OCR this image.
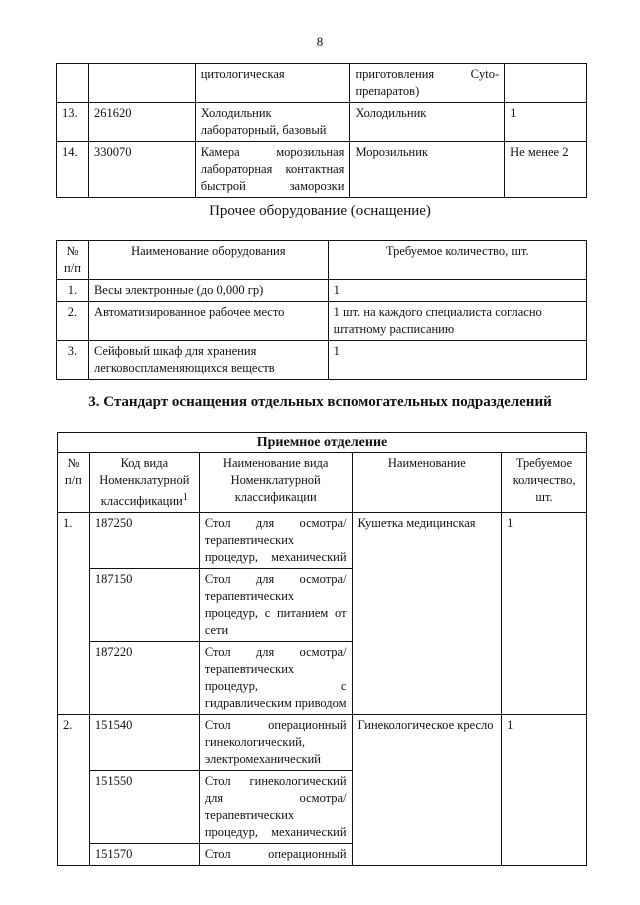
8
		цитологическая	приготовления Cyto-препаратов)	
13.	261620	Холодильник лабораторный, базовый	Холодильник	1
14.	330070	Камера морозильная лабораторная контактная быстрой заморозки	Морозильник	Не менее 2
Прочее оборудование (оснащение)
№ п/п	Наименование оборудования	Требуемое количество, шт.
1.	Весы электронные (до 0,000 гр)	1
2.	Автоматизированное рабочее место	1 шт. на каждого специалиста согласно штатному расписанию
3.	Сейфовый шкаф для хранения легковоспламеняющихся веществ	1
3. Стандарт оснащения отдельных вспомогательных подразделений
Приемное отделение				
№ п/п	Код вида Номенклатурной классификации$^1$	Наименование вида Номенклатурной классификации	Наименование	Требуемое количество, шт.
1.	187250	Стол для осмотра/терапевтических процедур, механический	Кушетка медицинская	1
	187150	Стол для осмотра/терапевтических процедур, с питанием от сети		
	187220	Стол для осмотра/терапевтических процедур, с гидравлическим приводом		
2.	151540	Стол операционный гинекологический, электромеханический	Гинекологическое кресло	1
	151550	Стол гинекологический для осмотра/терапевтических процедур, механический		
	151570	Стол операционный		
